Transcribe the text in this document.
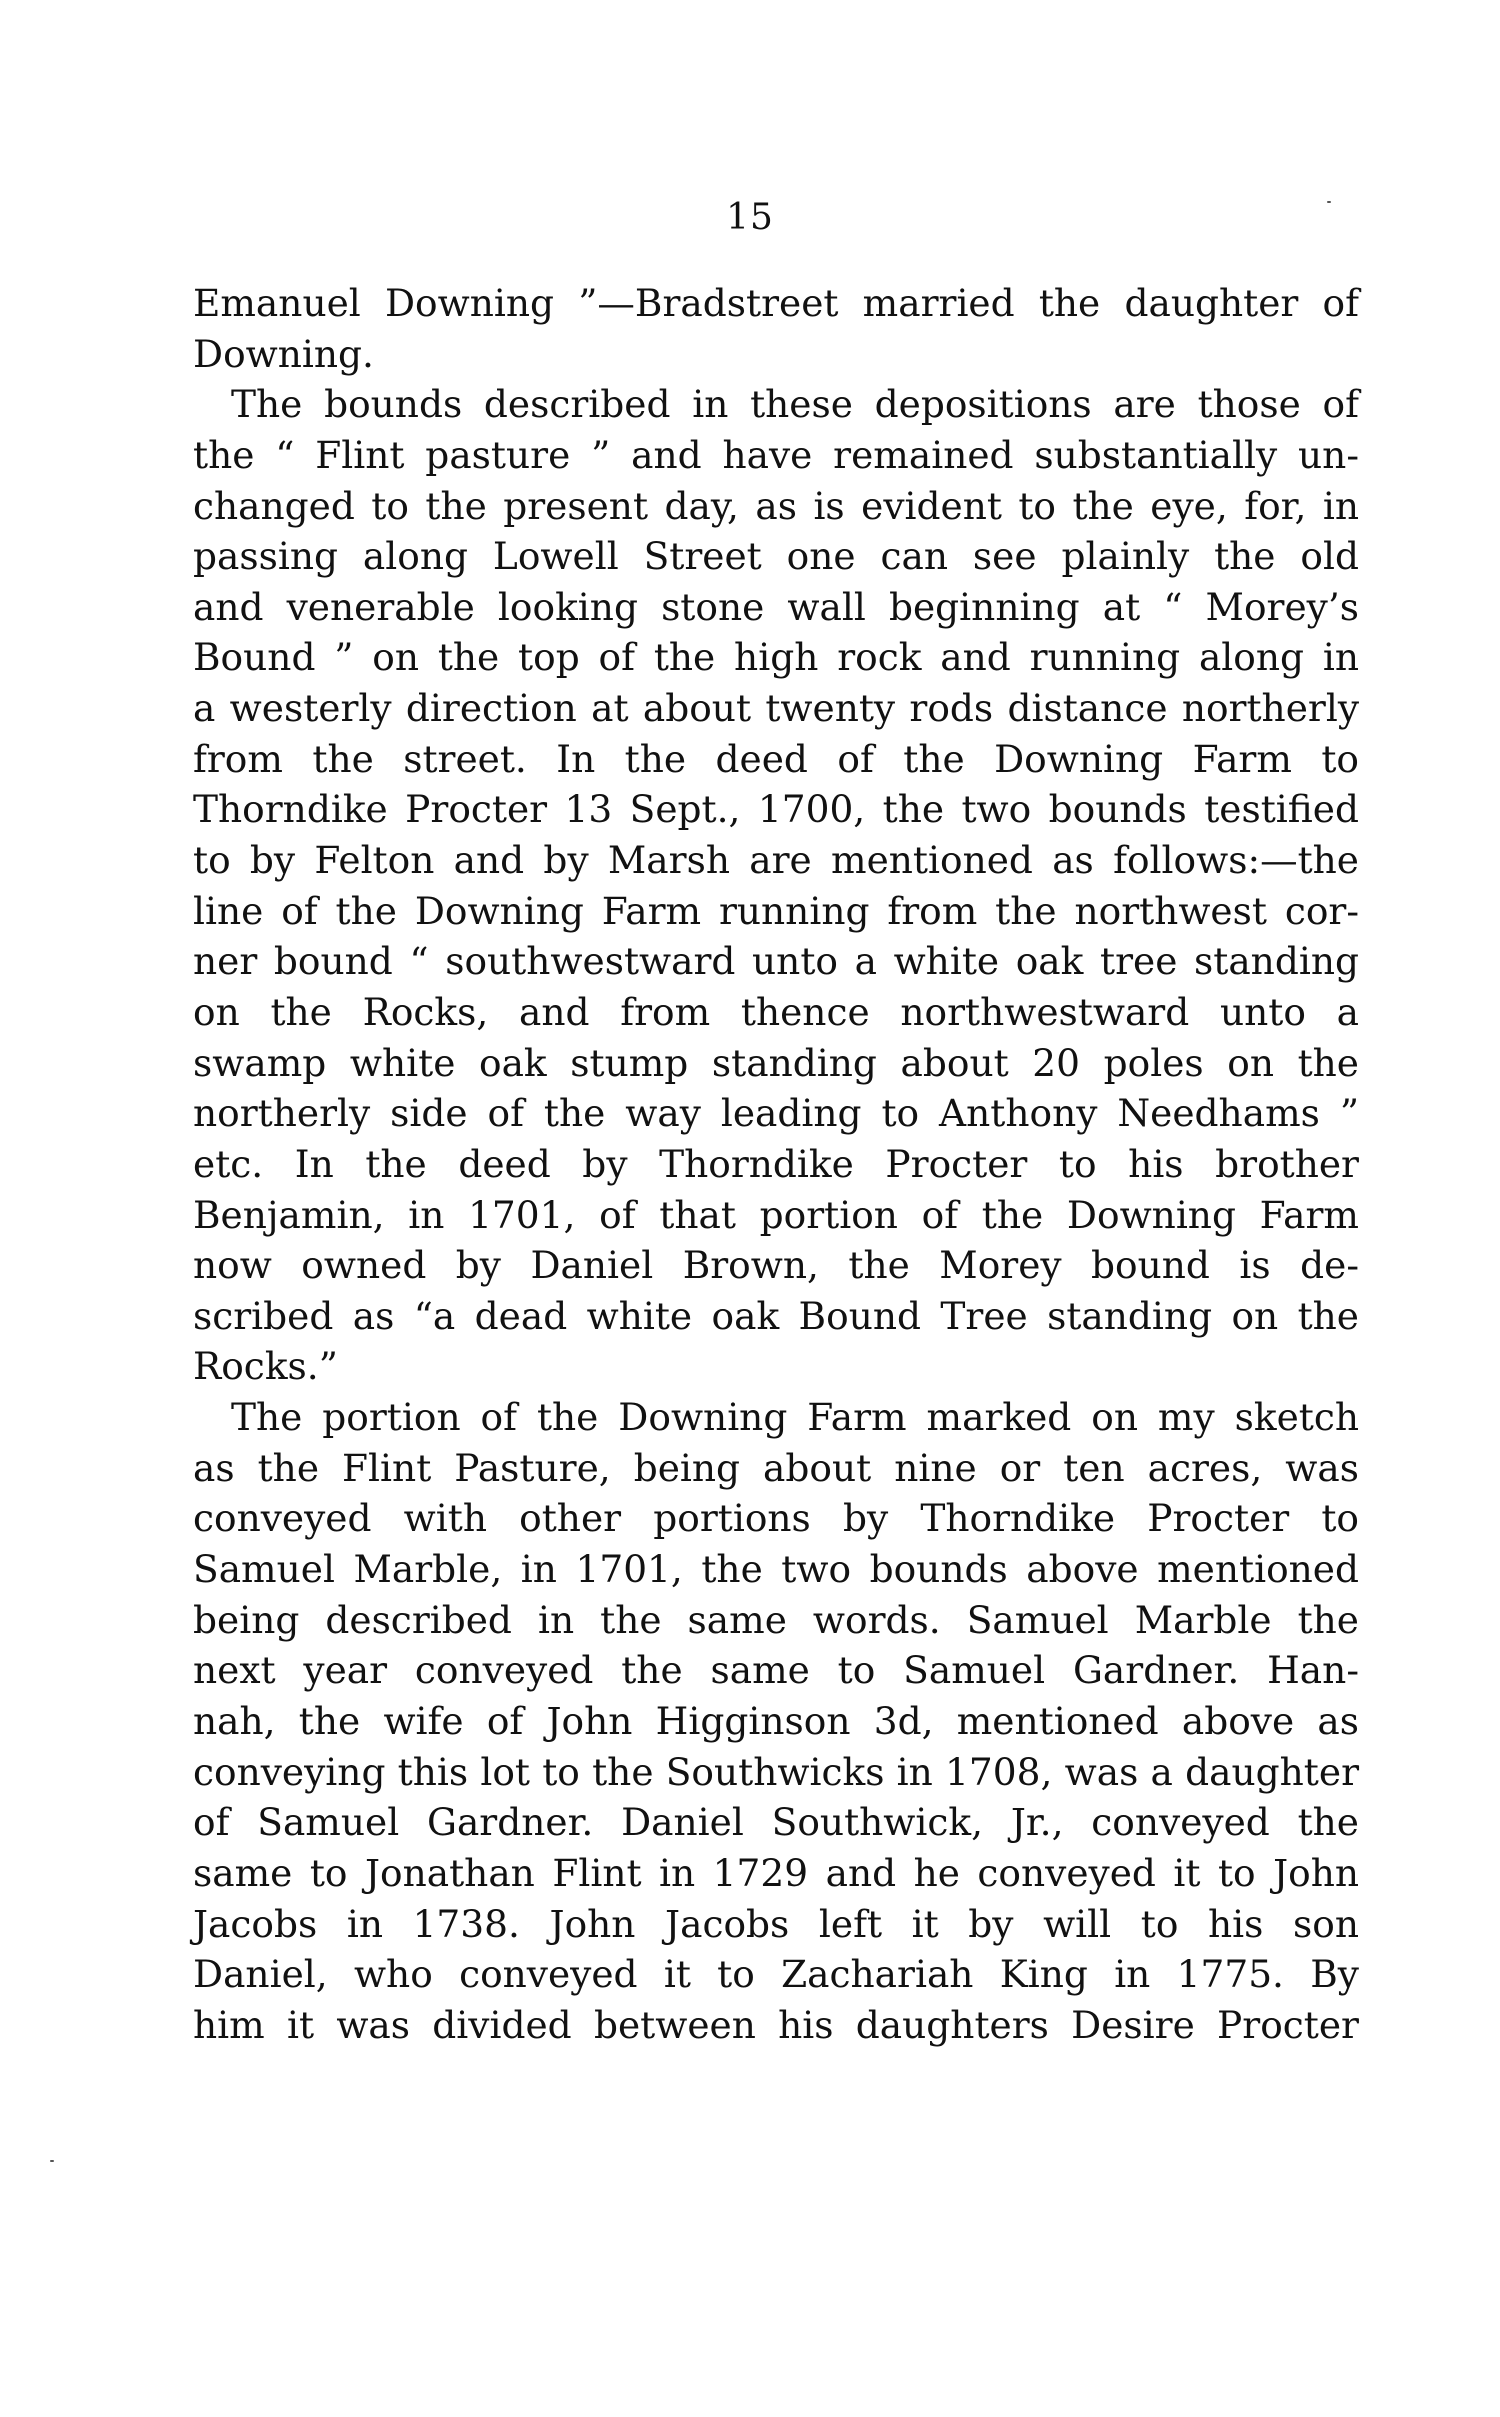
15
Emanuel Downing ”—Bradstreet married the daughter of
Downing.
The bounds described in these depositions are those of
the “ Flint pasture ” and have remained substantially un-
changed to the present day, as is evident to the eye, for, in
passing along Lowell Street one can see plainly the old
and venerable looking stone wall beginning at “ Morey’s
Bound ” on the top of the high rock and running along in
a westerly direction at about twenty rods distance northerly
from the street. In the deed of the Downing Farm to
Thorndike Procter 13 Sept., 1700, the two bounds testified
to by Felton and by Marsh are mentioned as follows:—the
line of the Downing Farm running from the northwest cor-
ner bound “ southwestward unto a white oak tree standing
on the Rocks, and from thence northwestward unto a
swamp white oak stump standing about 20 poles on the
northerly side of the way leading to Anthony Needhams ”
etc. In the deed by Thorndike Procter to his brother
Benjamin, in 1701, of that portion of the Downing Farm
now owned by Daniel Brown, the Morey bound is de-
scribed as “a dead white oak Bound Tree standing on the
Rocks.”
The portion of the Downing Farm marked on my sketch
as the Flint Pasture, being about nine or ten acres, was
conveyed with other portions by Thorndike Procter to
Samuel Marble, in 1701, the two bounds above mentioned
being described in the same words. Samuel Marble the
next year conveyed the same to Samuel Gardner. Han-
nah, the wife of John Higginson 3d, mentioned above as
conveying this lot to the Southwicks in 1708, was a daughter
of Samuel Gardner. Daniel Southwick, Jr., conveyed the
same to Jonathan Flint in 1729 and he conveyed it to John
Jacobs in 1738. John Jacobs left it by will to his son
Daniel, who conveyed it to Zachariah King in 1775. By
him it was divided between his daughters Desire Procter
